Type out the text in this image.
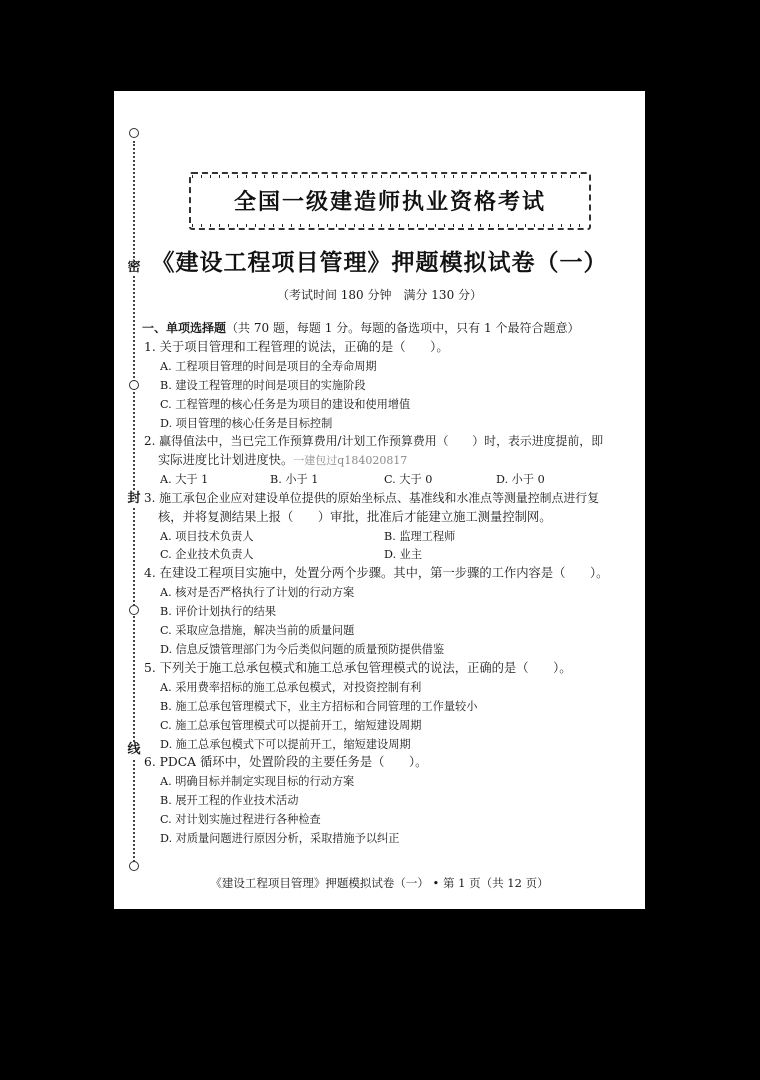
密
封
线
全国一级建造师执业资格考试
《建设工程项目管理》押题模拟试卷（一）
（考试时间 180 分钟　满分 130 分）
一、单项选择题（共 70 题，每题 1 分。每题的备选项中，只有 1 个最符合题意）
1. 关于项目管理和工程管理的说法，正确的是（　　）。
A. 工程项目管理的时间是项目的全寿命周期
B. 建设工程管理的时间是项目的实施阶段
C. 工程管理的核心任务是为项目的建设和使用增值
D. 项目管理的核心任务是目标控制
2. 赢得值法中，当已完工作预算费用/计划工作预算费用（　　）时，表示进度提前，即
实际进度比计划进度快。一建包过q184020817
A. 大于 1	B. 小于 1	C. 大于 0	D. 小于 0
3. 施工承包企业应对建设单位提供的原始坐标点、基准线和水准点等测量控制点进行复
核，并将复测结果上报（　　）审批，批准后才能建立施工测量控制网。
A. 项目技术负责人	B. 监理工程师
C. 企业技术负责人	D. 业主
4. 在建设工程项目实施中，处置分两个步骤。其中，第一步骤的工作内容是（　　）。
A. 核对是否严格执行了计划的行动方案
B. 评价计划执行的结果
C. 采取应急措施，解决当前的质量问题
D. 信息反馈管理部门为今后类似问题的质量预防提供借鉴
5. 下列关于施工总承包模式和施工总承包管理模式的说法，正确的是（　　）。
A. 采用费率招标的施工总承包模式，对投资控制有利
B. 施工总承包管理模式下，业主方招标和合同管理的工作量较小
C. 施工总承包管理模式可以提前开工，缩短建设周期
D. 施工总承包模式下可以提前开工，缩短建设周期
6. PDCA 循环中，处置阶段的主要任务是（　　）。
A. 明确目标并制定实现目标的行动方案
B. 展开工程的作业技术活动
C. 对计划实施过程进行各种检查
D. 对质量问题进行原因分析，采取措施予以纠正
《建设工程项目管理》押题模拟试卷（一） • 第 1 页（共 12 页）
